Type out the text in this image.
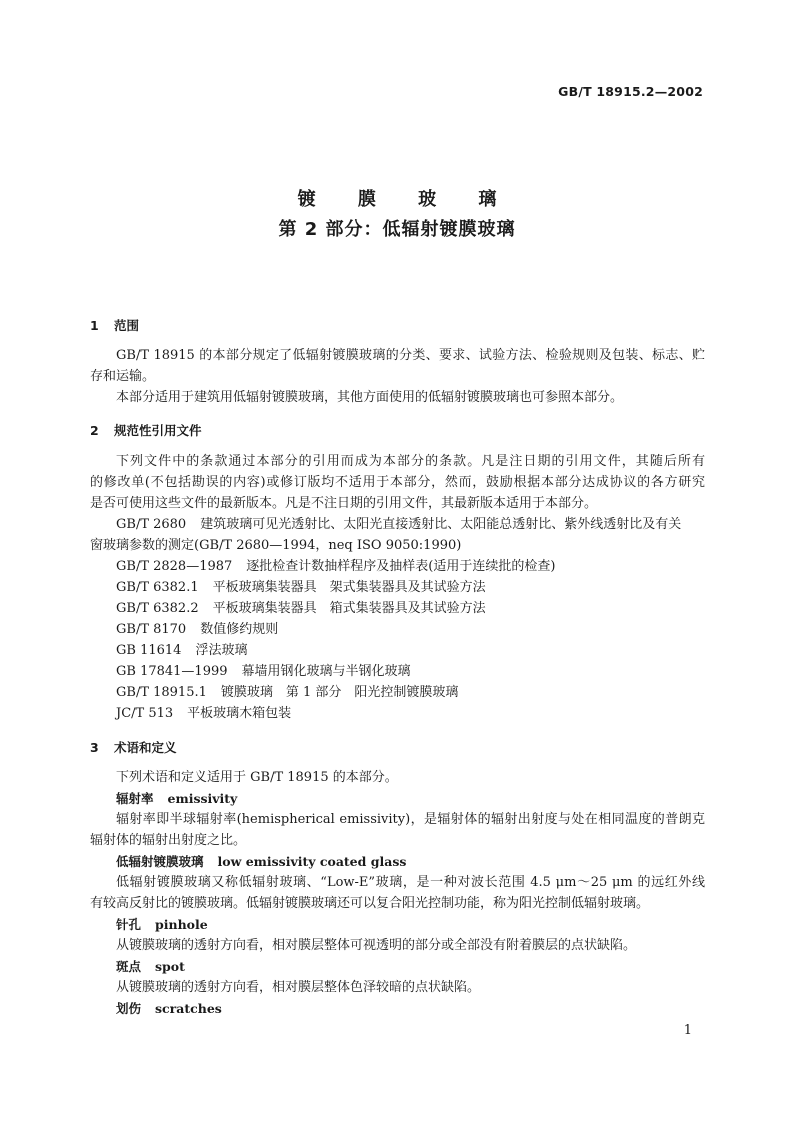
GB/T 18915.2—2002
镀 膜 玻 璃
第 2 部分：低辐射镀膜玻璃
1 范围
GB/T 18915 的本部分规定了低辐射镀膜玻璃的分类、要求、试验方法、检验规则及包装、标志、贮
存和运输。
本部分适用于建筑用低辐射镀膜玻璃，其他方面使用的低辐射镀膜玻璃也可参照本部分。
2 规范性引用文件
下列文件中的条款通过本部分的引用而成为本部分的条款。凡是注日期的引用文件，其随后所有
的修改单(不包括勘误的内容)或修订版均不适用于本部分，然而，鼓励根据本部分达成协议的各方研究
是否可使用这些文件的最新版本。凡是不注日期的引用文件，其最新版本适用于本部分。
GB/T 2680 建筑玻璃可见光透射比、太阳光直接透射比、太阳能总透射比、紫外线透射比及有关
窗玻璃参数的测定(GB/T 2680—1994，neq ISO 9050:1990)
GB/T 2828—1987 逐批检查计数抽样程序及抽样表(适用于连续批的检查)
GB/T 6382.1 平板玻璃集装器具　架式集装器具及其试验方法
GB/T 6382.2 平板玻璃集装器具　箱式集装器具及其试验方法
GB/T 8170 数值修约规则
GB 11614 浮法玻璃
GB 17841—1999 幕墙用钢化玻璃与半钢化玻璃
GB/T 18915.1 镀膜玻璃　第 1 部分　阳光控制镀膜玻璃
JC/T 513 平板玻璃木箱包装
3 术语和定义
下列术语和定义适用于 GB/T 18915 的本部分。
辐射率 emissivity
辐射率即半球辐射率(hemispherical emissivity)，是辐射体的辐射出射度与处在相同温度的普朗克
辐射体的辐射出射度之比。
低辐射镀膜玻璃 low emissivity coated glass
低辐射镀膜玻璃又称低辐射玻璃、“Low-E”玻璃，是一种对波长范围 4.5 μm～25 μm 的远红外线
有较高反射比的镀膜玻璃。低辐射镀膜玻璃还可以复合阳光控制功能，称为阳光控制低辐射玻璃。
针孔 pinhole
从镀膜玻璃的透射方向看，相对膜层整体可视透明的部分或全部没有附着膜层的点状缺陷。
斑点 spot
从镀膜玻璃的透射方向看，相对膜层整体色泽较暗的点状缺陷。
划伤 scratches
1
